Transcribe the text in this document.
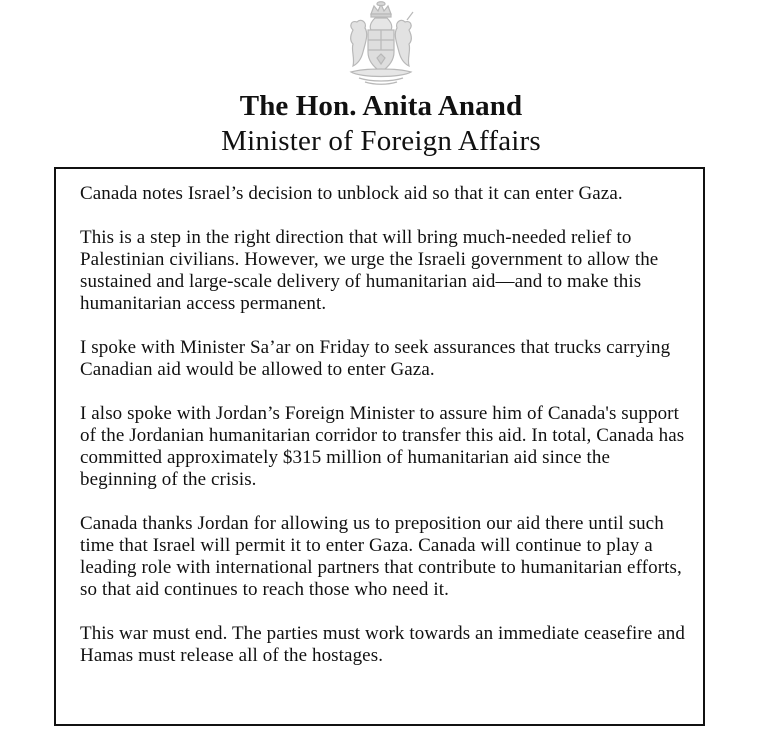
The Hon. Anita Anand
Minister of Foreign Affairs

Canada notes Israel’s decision to unblock aid so that it can enter Gaza.

This is a step in the right direction that will bring much-needed relief to Palestinian civilians. However, we urge the Israeli government to allow the sustained and large-scale delivery of humanitarian aid—and to make this humanitarian access permanent.

I spoke with Minister Sa’ar on Friday to seek assurances that trucks carrying Canadian aid would be allowed to enter Gaza.

I also spoke with Jordan’s Foreign Minister to assure him of Canada's support of the Jordanian humanitarian corridor to transfer this aid. In total, Canada has committed approximately $315 million of humanitarian aid since the beginning of the crisis.

Canada thanks Jordan for allowing us to preposition our aid there until such time that Israel will permit it to enter Gaza. Canada will continue to play a leading role with international partners that contribute to humanitarian efforts, so that aid continues to reach those who need it.

This war must end. The parties must work towards an immediate ceasefire and Hamas must release all of the hostages.
